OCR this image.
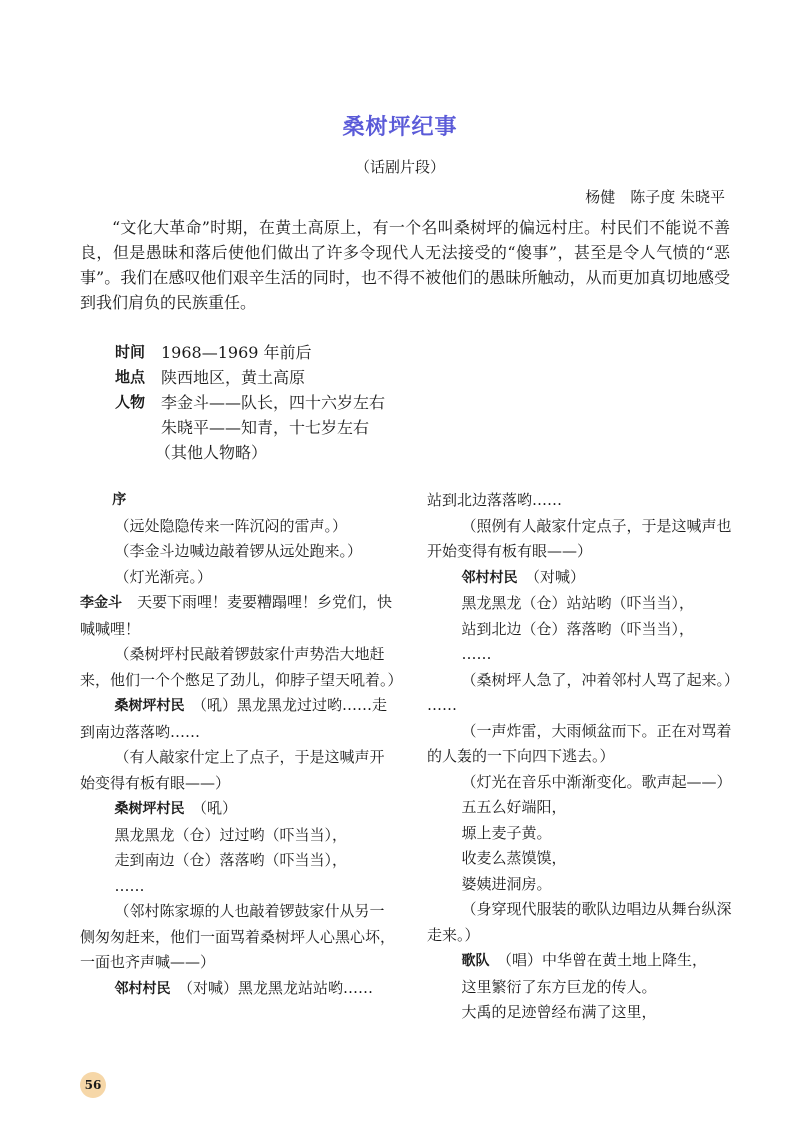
桑树坪纪事
（话剧片段）
杨健　陈子度 朱晓平

“文化大革命”时期，在黄土高原上，有一个名叫桑树坪的偏远村庄。村民们不能说不善良，但是愚昧和落后使他们做出了许多令现代人无法接受的“傻事”，甚至是令人气愤的“恶事”。我们在感叹他们艰辛生活的同时，也不得不被他们的愚昧所触动，从而更加真切地感受到我们肩负的民族重任。

时间 1968—1969 年前后
地点 陕西地区，黄土高原
人物 李金斗——队长，四十六岁左右
朱晓平——知青，十七岁左右
（其他人物略）

序

（远处隐隐传来一阵沉闷的雷声。）

（李金斗边喊边敲着锣从远处跑来。）

（灯光渐亮。）

李金斗　天要下雨哩！麦要糟蹋哩！乡党们，快喊喊哩！

（桑树坪村民敲着锣鼓家什声势浩大地赶来，他们一个个憋足了劲儿，仰脖子望天吼着。）

桑树坪村民　（吼）黑龙黑龙过过哟……走到南边落落哟……

（有人敲家什定上了点子，于是这喊声开始变得有板有眼——）

桑树坪村民　（吼）

黑龙黑龙（仓）过过哟（吓当当），

走到南边（仓）落落哟（吓当当），

……

（邻村陈家塬的人也敲着锣鼓家什从另一侧匆匆赶来，他们一面骂着桑树坪人心黑心坏，一面也齐声喊——）

邻村村民　（对喊）黑龙黑龙站站哟……

站到北边落落哟……

（照例有人敲家什定点子，于是这喊声也开始变得有板有眼——）

邻村村民　（对喊）

黑龙黑龙（仓）站站哟（吓当当），

站到北边（仓）落落哟（吓当当），

……

（桑树坪人急了，冲着邻村人骂了起来。）

……

（一声炸雷，大雨倾盆而下。正在对骂着的人轰的一下向四下逃去。）

（灯光在音乐中渐渐变化。歌声起——）

五五么好端阳，

塬上麦子黄。

收麦么蒸馍馍，

婆姨进洞房。

（身穿现代服装的歌队边唱边从舞台纵深走来。）

歌队　（唱）中华曾在黄土地上降生，

这里繁衍了东方巨龙的传人。

大禹的足迹曾经布满了这里，

56
